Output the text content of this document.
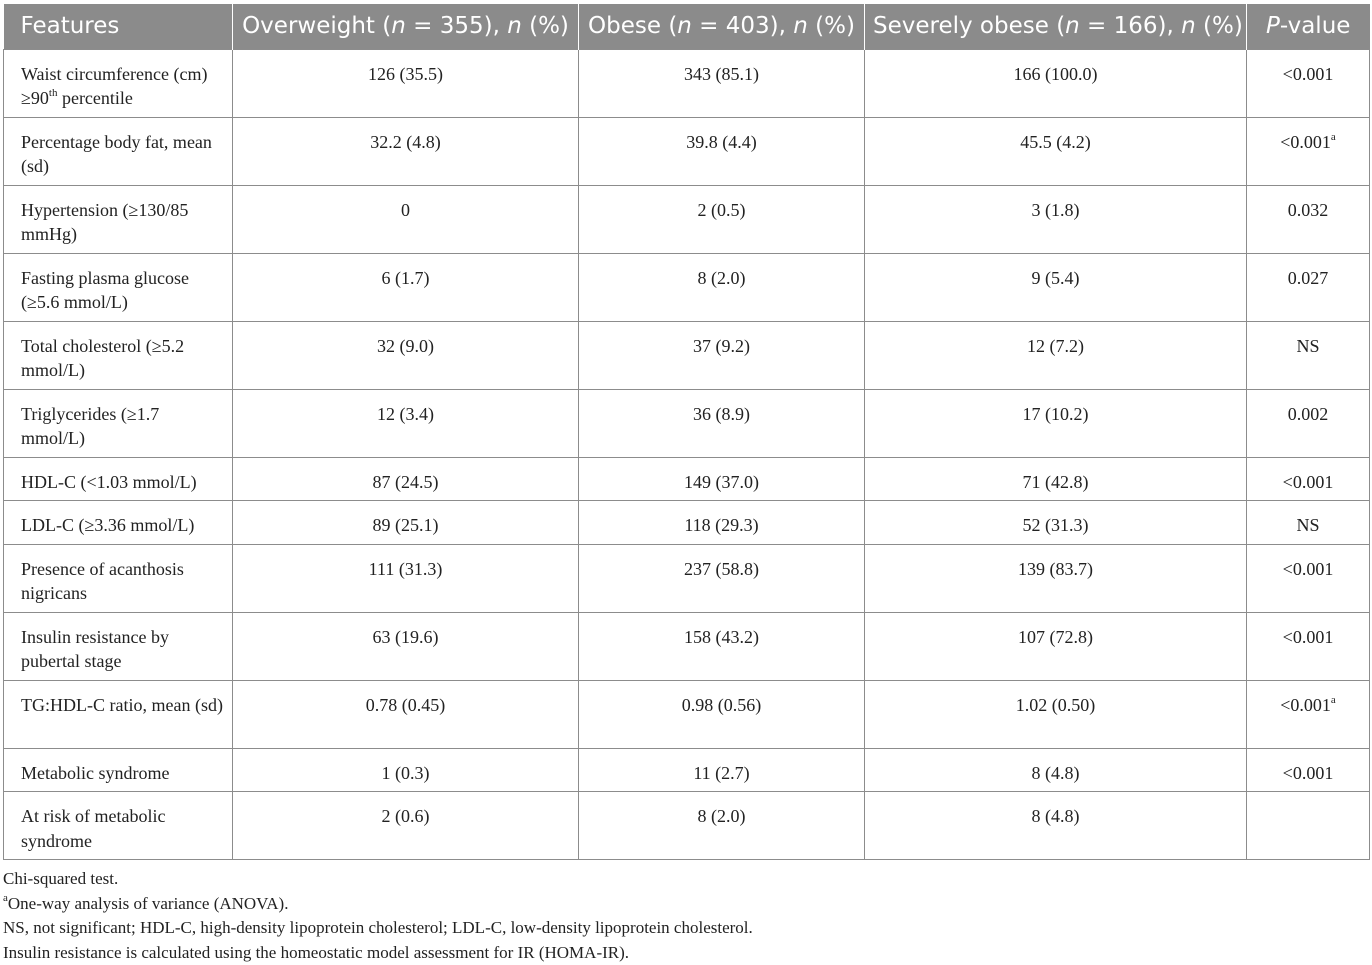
Features	Overweight (n = 355), n (%)	Obese (n = 403), n (%)	Severely obese (n = 166), n (%)	P-value
Waist circumference (cm) ≥90th percentile	126 (35.5)	343 (85.1)	166 (100.0)	<0.001
Percentage body fat, mean (sd)	32.2 (4.8)	39.8 (4.4)	45.5 (4.2)	<0.001$^a$
Hypertension (≥130/85 mmHg)	0	2 (0.5)	3 (1.8)	0.032
Fasting plasma glucose (≥5.6 mmol/L)	6 (1.7)	8 (2.0)	9 (5.4)	0.027
Total cholesterol (≥5.2 mmol/L)	32 (9.0)	37 (9.2)	12 (7.2)	NS
Triglycerides (≥1.7 mmol/L)	12 (3.4)	36 (8.9)	17 (10.2)	0.002
HDL-C (<1.03 mmol/L)	87 (24.5)	149 (37.0)	71 (42.8)	<0.001
LDL-C (≥3.36 mmol/L)	89 (25.1)	118 (29.3)	52 (31.3)	NS
Presence of acanthosis nigricans	111 (31.3)	237 (58.8)	139 (83.7)	<0.001
Insulin resistance by pubertal stage	63 (19.6)	158 (43.2)	107 (72.8)	<0.001
TG:HDL-C ratio, mean (sd)	0.78 (0.45)	0.98 (0.56)	1.02 (0.50)	<0.001$^a$
Metabolic syndrome	1 (0.3)	11 (2.7)	8 (4.8)	<0.001
At risk of metabolic syndrome	2 (0.6)	8 (2.0)	8 (4.8)	
Chi-squared test.
$^a$One-way analysis of variance (ANOVA).
NS, not significant; HDL-C, high-density lipoprotein cholesterol; LDL-C, low-density lipoprotein cholesterol.
Insulin resistance is calculated using the homeostatic model assessment for IR (HOMA-IR).
